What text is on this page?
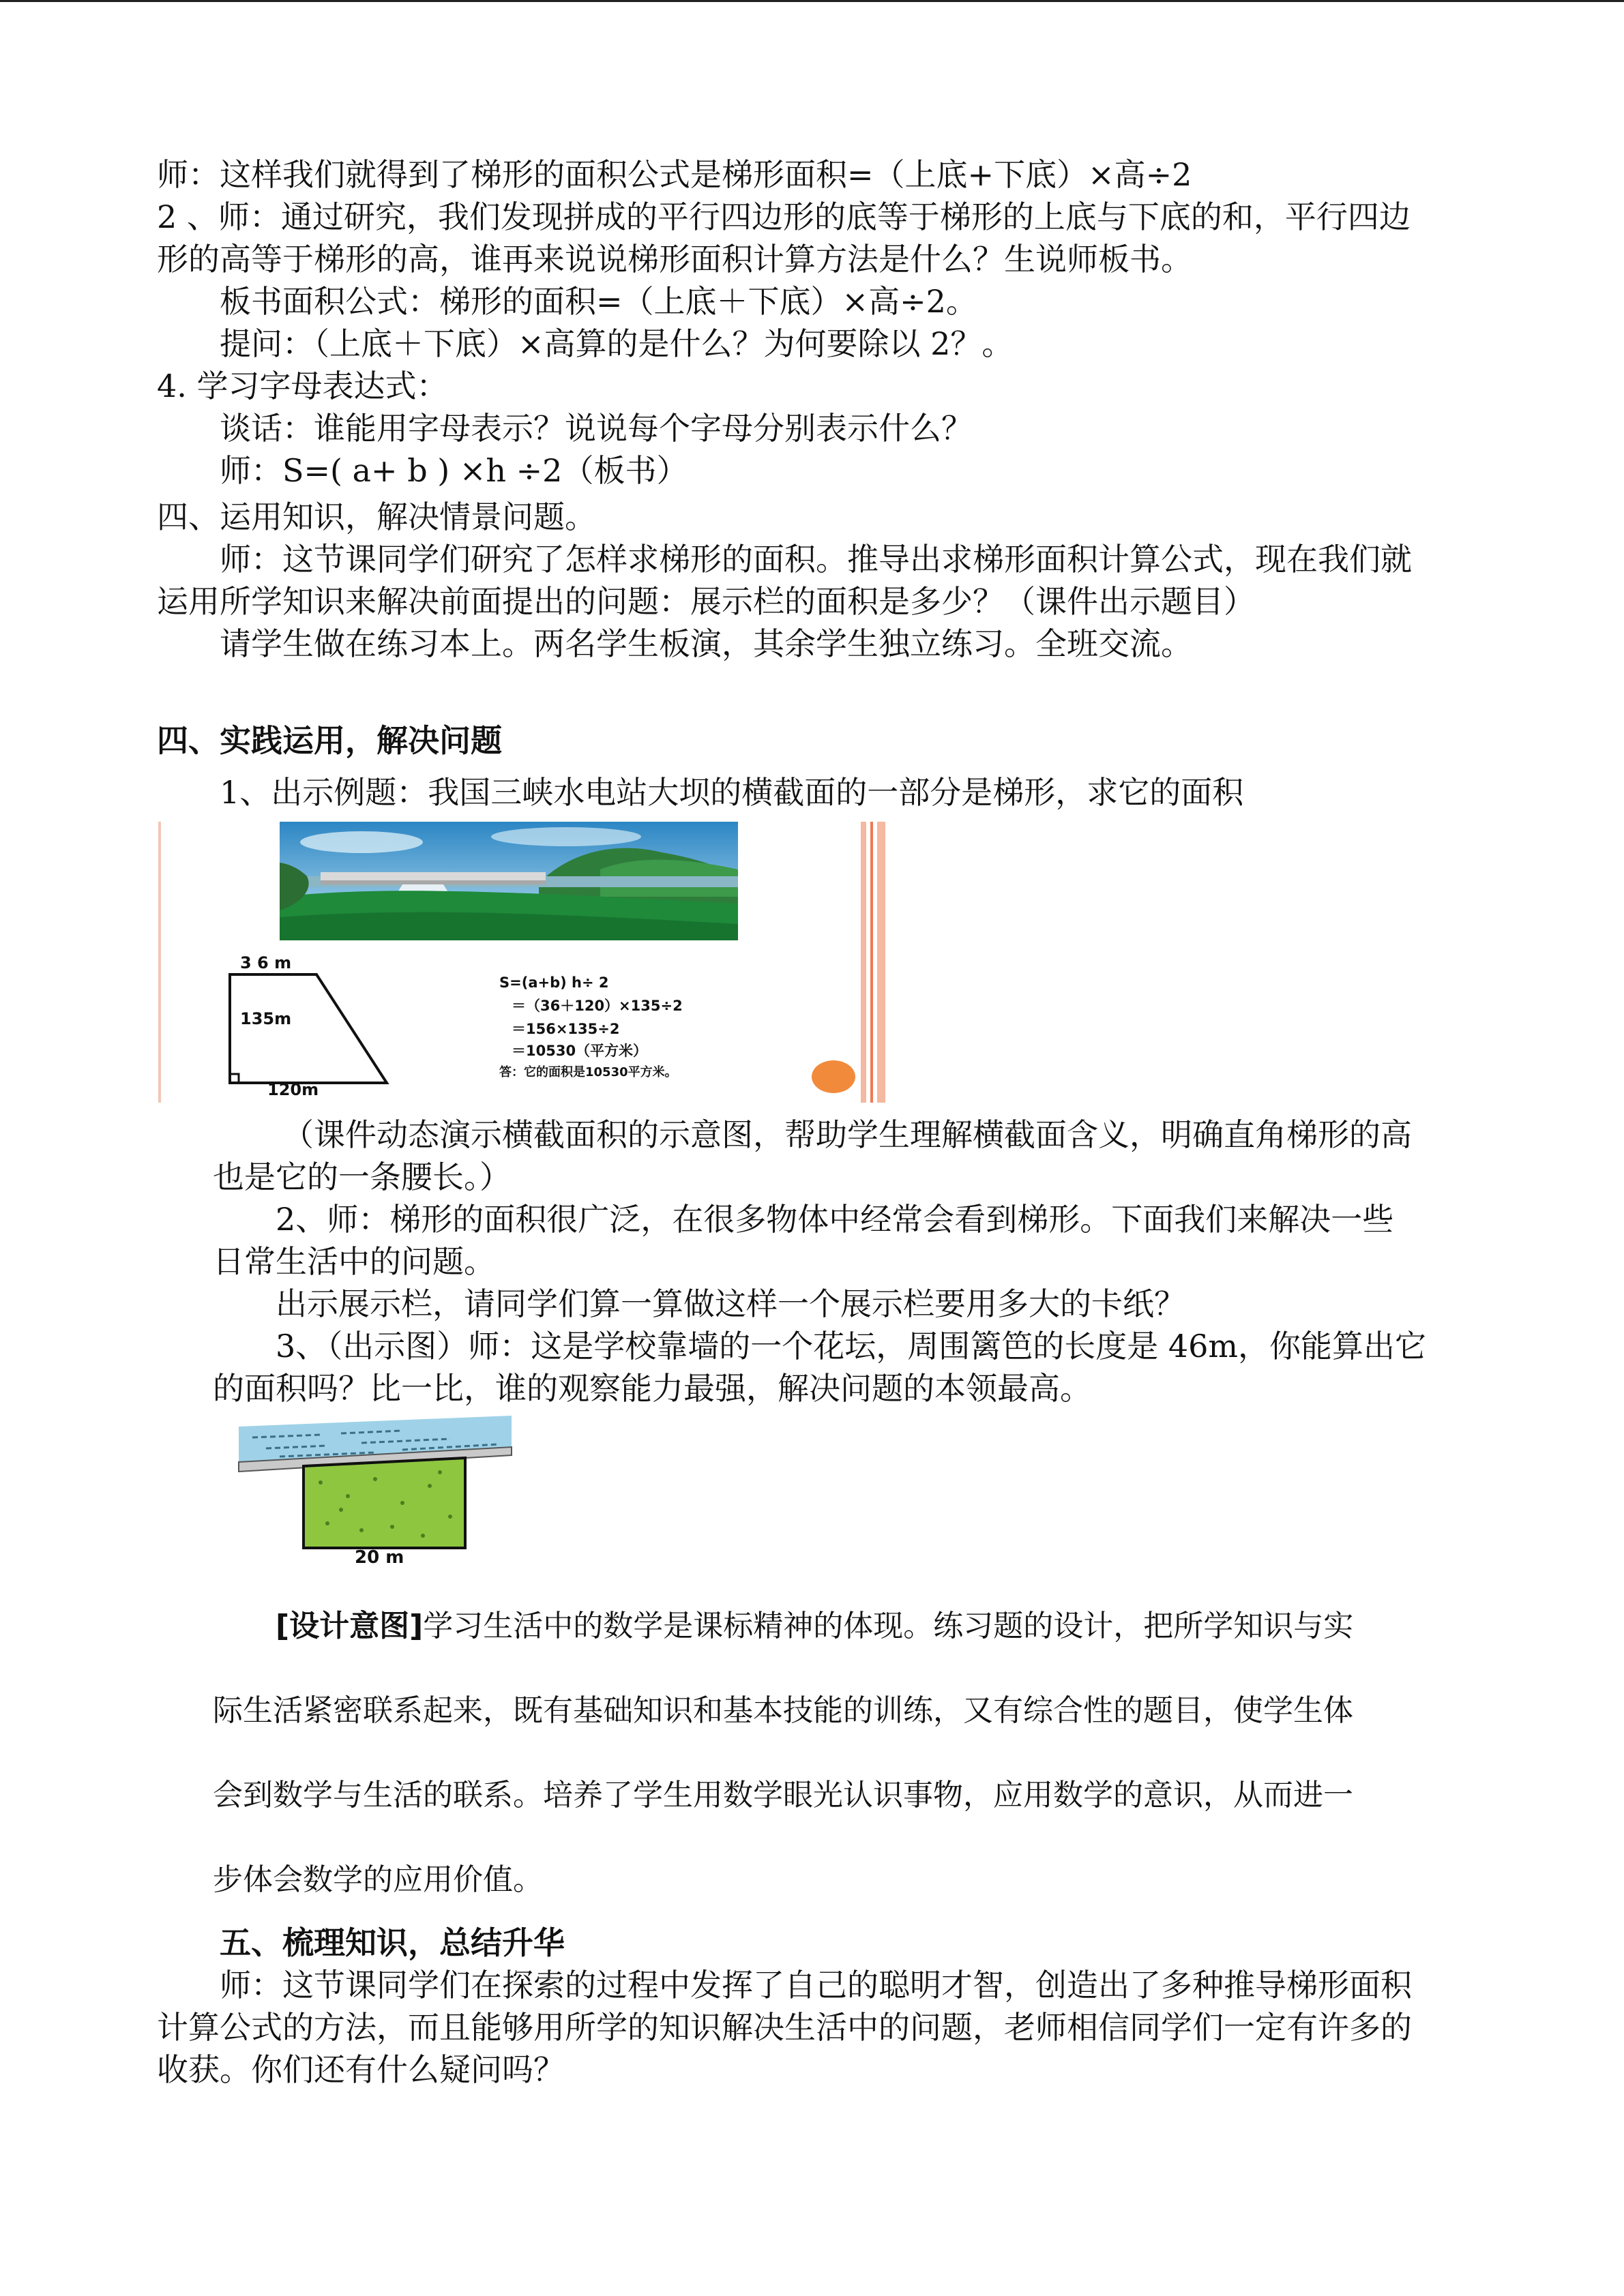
师：这样我们就得到了梯形的面积公式是梯形面积=（上底+下底）×高÷2
2 、师：通过研究，我们发现拼成的平行四边形的底等于梯形的上底与下底的和，平行四边
形的高等于梯形的高，谁再来说说梯形面积计算方法是什么？生说师板书。
板书面积公式：梯形的面积=（上底＋下底）×高÷2。
提问：（上底＋下底）×高算的是什么？为何要除以 2？。
4. 学习字母表达式：
谈话：谁能用字母表示？说说每个字母分别表示什么？
师：S=( a+ b ) ×h ÷2（板书）
四、运用知识，解决情景问题。
师：这节课同学们研究了怎样求梯形的面积。推导出求梯形面积计算公式，现在我们就
运用所学知识来解决前面提出的问题：展示栏的面积是多少？（课件出示题目）
请学生做在练习本上。两名学生板演，其余学生独立练习。全班交流。
四、实践运用，解决问题
1、出示例题：我国三峡水电站大坝的横截面的一部分是梯形，求它的面积
3 6 m
135m
120m
S=(a+b) h÷ 2
＝（36＋120）×135÷2
＝156×135÷2
＝10530（平方米）
答：它的面积是10530平方米。
（课件动态演示横截面积的示意图，帮助学生理解横截面含义，明确直角梯形的高
也是它的一条腰长。）
2、师：梯形的面积很广泛，在很多物体中经常会看到梯形。下面我们来解决一些
日常生活中的问题。
出示展示栏，请同学们算一算做这样一个展示栏要用多大的卡纸？
3、（出示图）师：这是学校靠墙的一个花坛，周围篱笆的长度是 46m，你能算出它
的面积吗？比一比，谁的观察能力最强，解决问题的本领最高。
20 m
[设计意图]学习生活中的数学是课标精神的体现。练习题的设计，把所学知识与实
际生活紧密联系起来，既有基础知识和基本技能的训练，又有综合性的题目，使学生体
会到数学与生活的联系。培养了学生用数学眼光认识事物，应用数学的意识，从而进一
步体会数学的应用价值。
五、梳理知识，总结升华
师：这节课同学们在探索的过程中发挥了自己的聪明才智，创造出了多种推导梯形面积
计算公式的方法，而且能够用所学的知识解决生活中的问题，老师相信同学们一定有许多的
收获。你们还有什么疑问吗？
